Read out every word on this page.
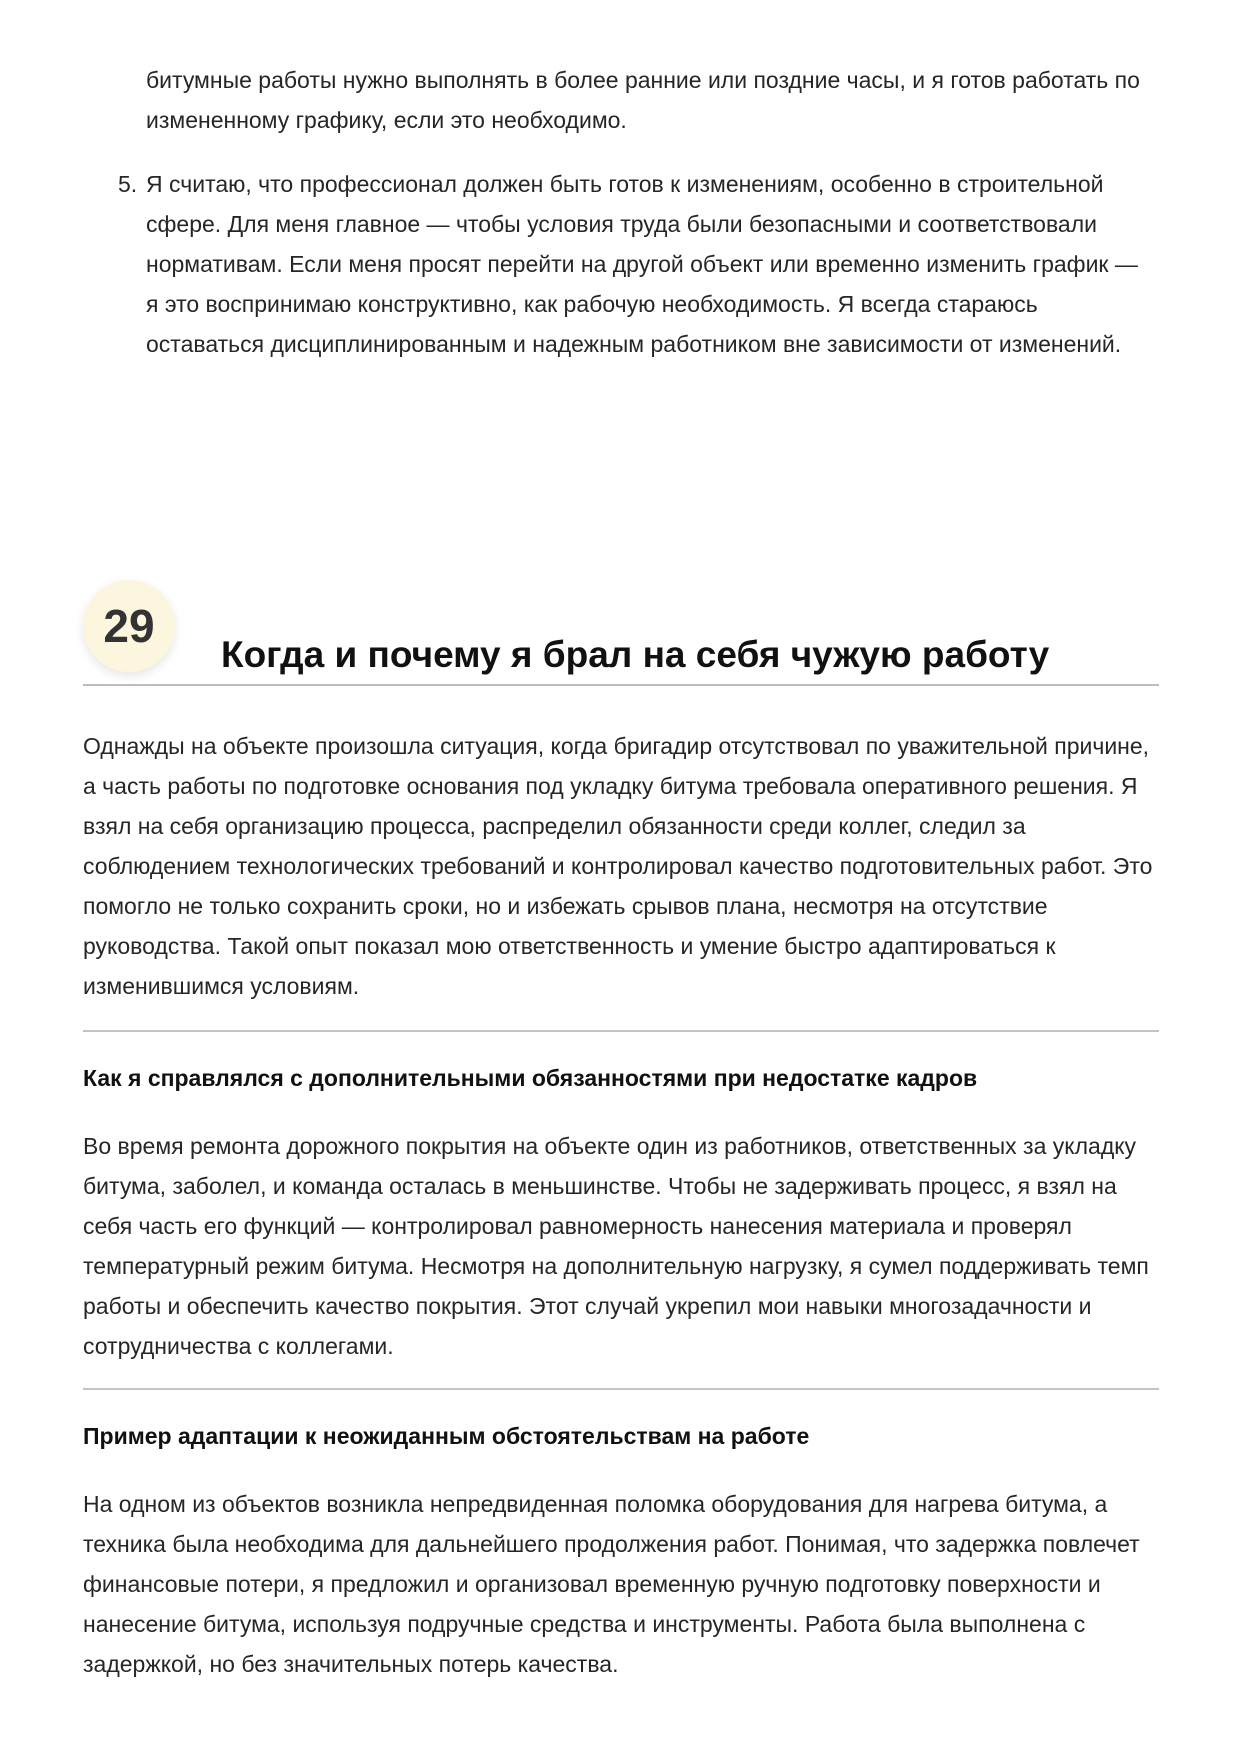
битумные работы нужно выполнять в более ранние или поздние часы, и я готов работать по измененному графику, если это необходимо.

5. Я считаю, что профессионал должен быть готов к изменениям, особенно в строительной сфере. Для меня главное — чтобы условия труда были безопасными и соответствовали нормативам. Если меня просят перейти на другой объект или временно изменить график — я это воспринимаю конструктивно, как рабочую необходимость. Я всегда стараюсь оставаться дисциплинированным и надежным работником вне зависимости от изменений.

29
Когда и почему я брал на себя чужую работу

Однажды на объекте произошла ситуация, когда бригадир отсутствовал по уважительной причине, а часть работы по подготовке основания под укладку битума требовала оперативного решения. Я взял на себя организацию процесса, распределил обязанности среди коллег, следил за соблюдением технологических требований и контролировал качество подготовительных работ. Это помогло не только сохранить сроки, но и избежать срывов плана, несмотря на отсутствие руководства. Такой опыт показал мою ответственность и умение быстро адаптироваться к изменившимся условиям.

Как я справлялся с дополнительными обязанностями при недостатке кадров

Во время ремонта дорожного покрытия на объекте один из работников, ответственных за укладку битума, заболел, и команда осталась в меньшинстве. Чтобы не задерживать процесс, я взял на себя часть его функций — контролировал равномерность нанесения материала и проверял температурный режим битума. Несмотря на дополнительную нагрузку, я сумел поддерживать темп работы и обеспечить качество покрытия. Этот случай укрепил мои навыки многозадачности и сотрудничества с коллегами.

Пример адаптации к неожиданным обстоятельствам на работе

На одном из объектов возникла непредвиденная поломка оборудования для нагрева битума, а техника была необходима для дальнейшего продолжения работ. Понимая, что задержка повлечет финансовые потери, я предложил и организовал временную ручную подготовку поверхности и нанесение битума, используя подручные средства и инструменты. Работа была выполнена с задержкой, но без значительных потерь качества.
